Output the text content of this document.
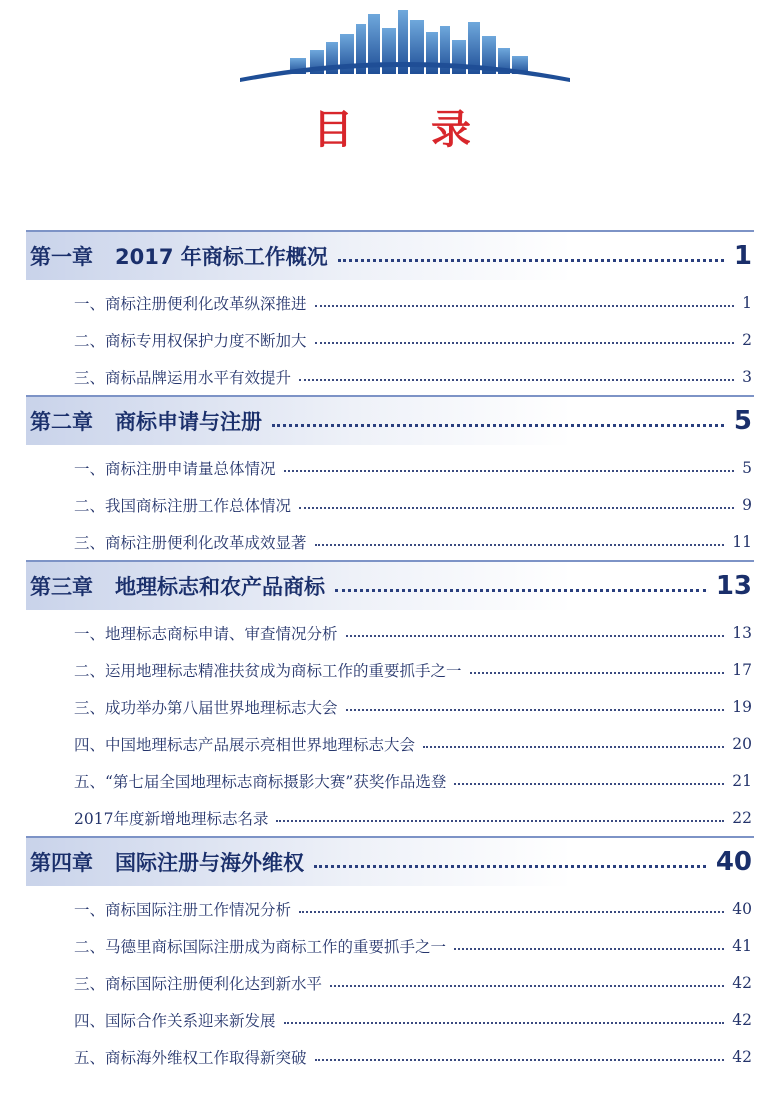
目 录
第一章 2017 年商标工作概况	1
一、商标注册便利化改革纵深推进	1
二、商标专用权保护力度不断加大	2
三、商标品牌运用水平有效提升	3
第二章 商标申请与注册	5
一、商标注册申请量总体情况	5
二、我国商标注册工作总体情况	9
三、商标注册便利化改革成效显著	11
第三章 地理标志和农产品商标	13
一、地理标志商标申请、审查情况分析	13
二、运用地理标志精准扶贫成为商标工作的重要抓手之一	17
三、成功举办第八届世界地理标志大会	19
四、中国地理标志产品展示亮相世界地理标志大会	20
五、“第七届全国地理标志商标摄影大赛”获奖作品选登	21
2017年度新增地理标志名录	22
第四章 国际注册与海外维权	40
一、商标国际注册工作情况分析	40
二、马德里商标国际注册成为商标工作的重要抓手之一	41
三、商标国际注册便利化达到新水平	42
四、国际合作关系迎来新发展	42
五、商标海外维权工作取得新突破	42
